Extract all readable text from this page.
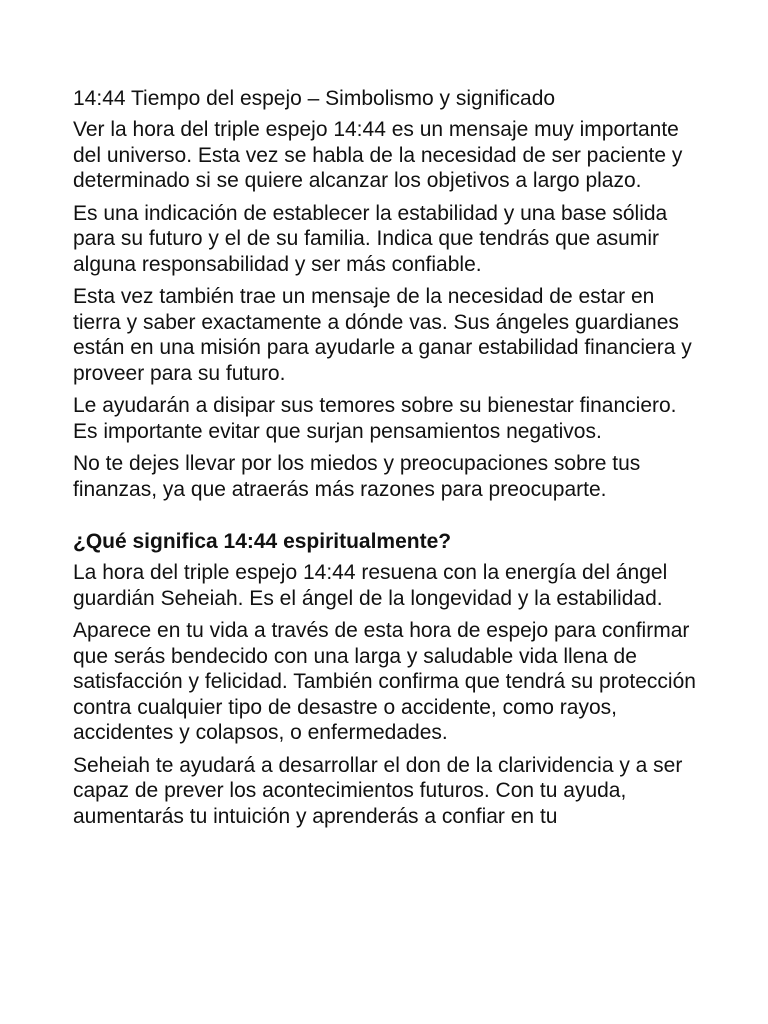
14:44 Tiempo del espejo – Simbolismo y significado

Ver la hora del triple espejo 14:44 es un mensaje muy importante del universo. Esta vez se habla de la necesidad de ser paciente y determinado si se quiere alcanzar los objetivos a largo plazo.

Es una indicación de establecer la estabilidad y una base sólida para su futuro y el de su familia. Indica que tendrás que asumir alguna responsabilidad y ser más confiable.

Esta vez también trae un mensaje de la necesidad de estar en tierra y saber exactamente a dónde vas. Sus ángeles guardianes están en una misión para ayudarle a ganar estabilidad financiera y proveer para su futuro.

Le ayudarán a disipar sus temores sobre su bienestar financiero. Es importante evitar que surjan pensamientos negativos.

No te dejes llevar por los miedos y preocupaciones sobre tus finanzas, ya que atraerás más razones para preocuparte.

¿Qué significa 14:44 espiritualmente?

La hora del triple espejo 14:44 resuena con la energía del ángel guardián Seheiah. Es el ángel de la longevidad y la estabilidad.

Aparece en tu vida a través de esta hora de espejo para confirmar que serás bendecido con una larga y saludable vida llena de satisfacción y felicidad. También confirma que tendrá su protección contra cualquier tipo de desastre o accidente, como rayos, accidentes y colapsos, o enfermedades.

Seheiah te ayudará a desarrollar el don de la clarividencia y a ser capaz de prever los acontecimientos futuros. Con tu ayuda, aumentarás tu intuición y aprenderás a confiar en tu
